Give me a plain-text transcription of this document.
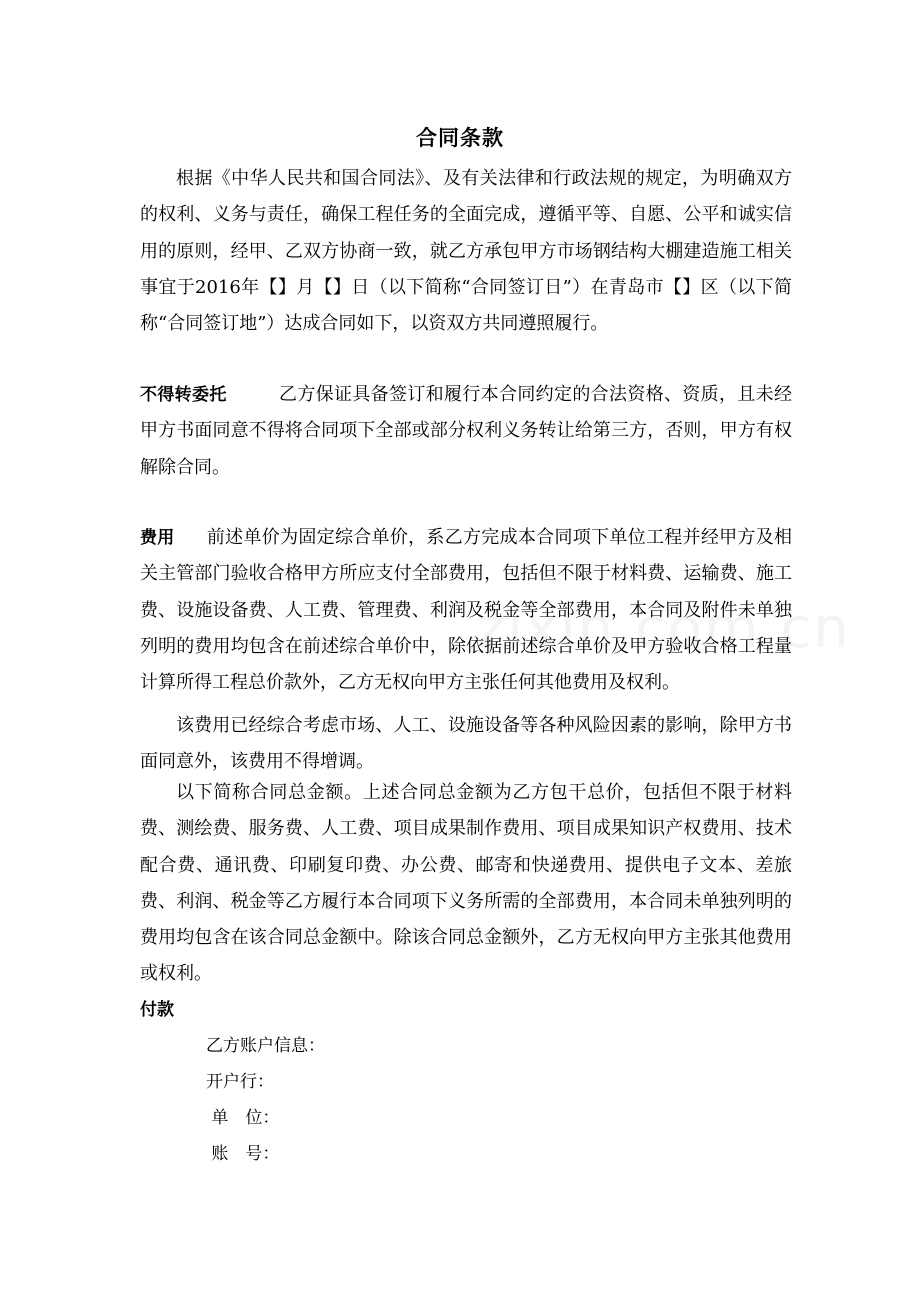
合同条款
根据《中华人民共和国合同法》、及有关法律和行政法规的规定，为明确双方的权利、义务与责任，确保工程任务的全面完成，遵循平等、自愿、公平和诚实信用的原则，经甲、乙双方协商一致，就乙方承包甲方市场钢结构大棚建造施工相关事宜于2016年【】月【】日（以下简称“合同签订日”）在青岛市【】区（以下简称“合同签订地”）达成合同如下，以资双方共同遵照履行。
不得转委托	乙方保证具备签订和履行本合同约定的合法资格、资质，且未经甲方书面同意不得将合同项下全部或部分权利义务转让给第三方，否则，甲方有权解除合同。
费用 前述单价为固定综合单价，系乙方完成本合同项下单位工程并经甲方及相关主管部门验收合格甲方所应支付全部费用，包括但不限于材料费、运输费、施工费、设施设备费、人工费、管理费、利润及税金等全部费用，本合同及附件未单独列明的费用均包含在前述综合单价中，除依据前述综合单价及甲方验收合格工程量计算所得工程总价款外，乙方无权向甲方主张任何其他费用及权利。
该费用已经综合考虑市场、人工、设施设备等各种风险因素的影响，除甲方书面同意外，该费用不得增调。
以下简称合同总金额。上述合同总金额为乙方包干总价，包括但不限于材料费、测绘费、服务费、人工费、项目成果制作费用、项目成果知识产权费用、技术配合费、通讯费、印刷复印费、办公费、邮寄和快递费用、提供电子文本、差旅费、利润、税金等乙方履行本合同项下义务所需的全部费用，本合同未单独列明的费用均包含在该合同总金额中。除该合同总金额外，乙方无权向甲方主张其他费用或权利。
付款
乙方账户信息：
开户行：
单　位：
账　号：
